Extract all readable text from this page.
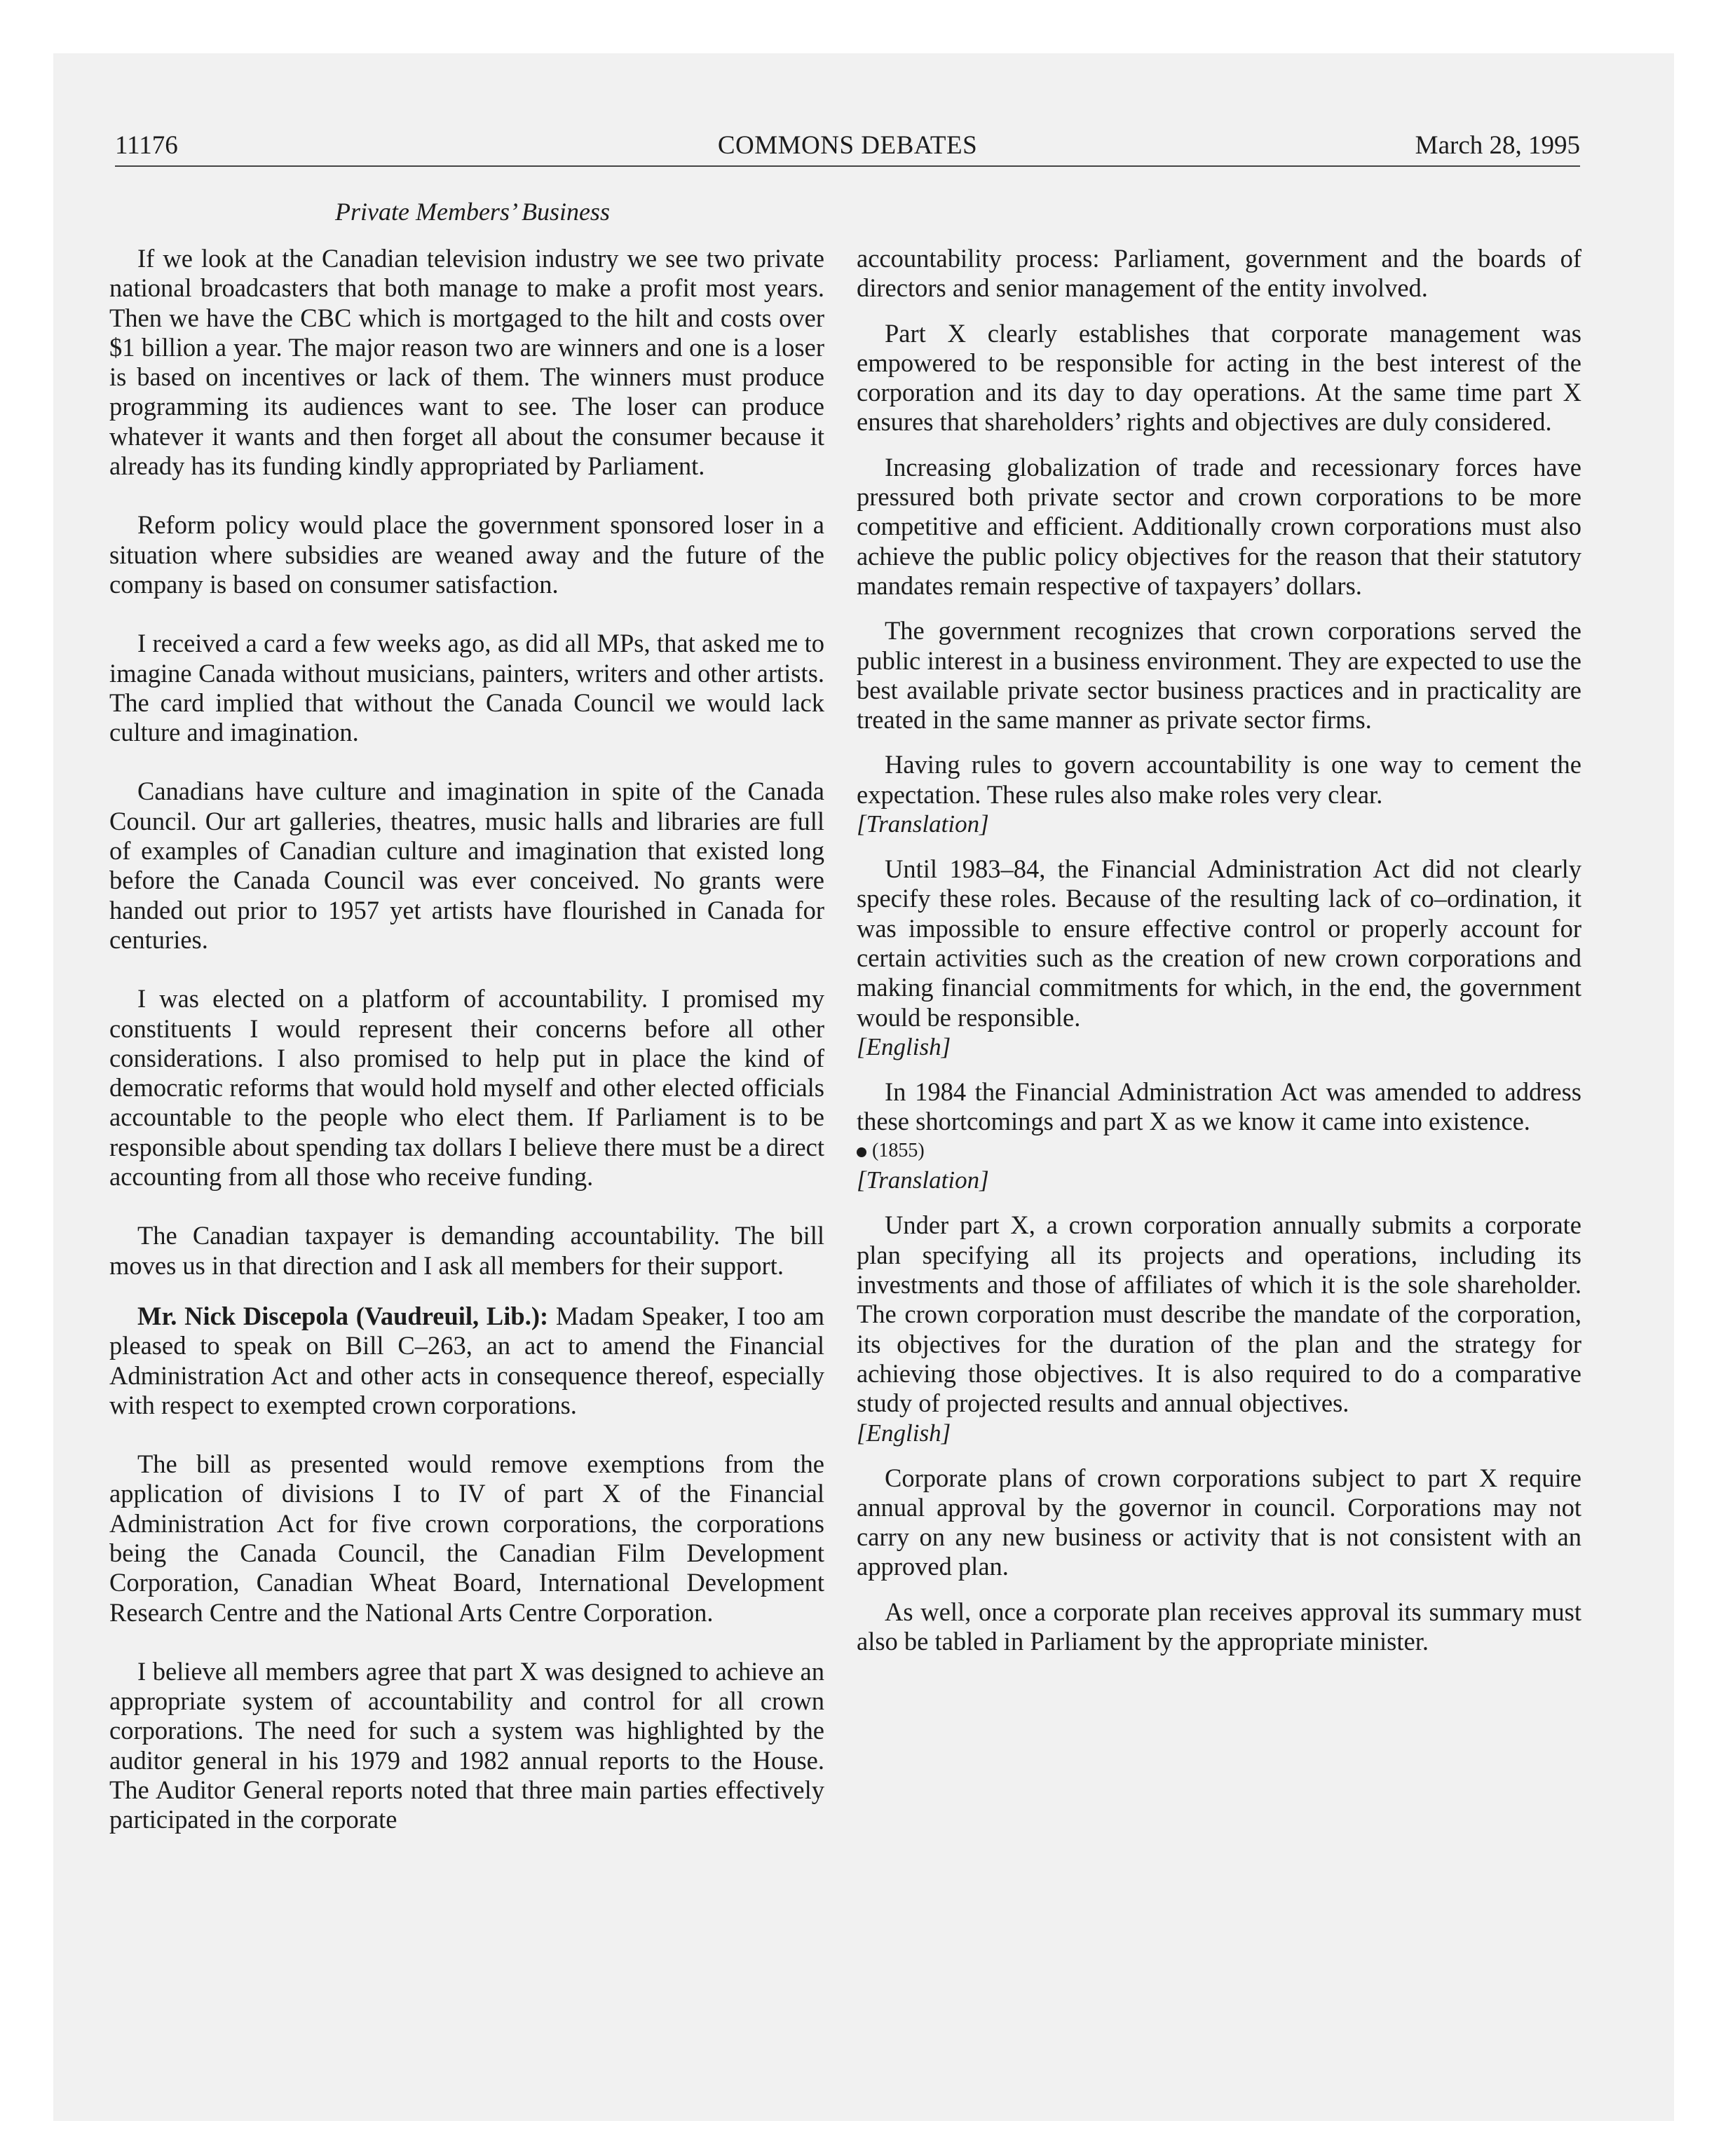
11176	COMMONS DEBATES	March 28, 1995
Private Members’ Business

If we look at the Canadian television industry we see two private national broadcasters that both manage to make a profit most years. Then we have the CBC which is mortgaged to the hilt and costs over $1 billion a year. The major reason two are winners and one is a loser is based on incentives or lack of them. The winners must produce programming its audiences want to see. The loser can produce whatever it wants and then forget all about the consumer because it already has its funding kindly appropriated by Parliament.

Reform policy would place the government sponsored loser in a situation where subsidies are weaned away and the future of the company is based on consumer satisfaction.

I received a card a few weeks ago, as did all MPs, that asked me to imagine Canada without musicians, painters, writers and other artists. The card implied that without the Canada Council we would lack culture and imagination.

Canadians have culture and imagination in spite of the Canada Council. Our art galleries, theatres, music halls and libraries are full of examples of Canadian culture and imagination that existed long before the Canada Council was ever conceived. No grants were handed out prior to 1957 yet artists have flourished in Canada for centuries.

I was elected on a platform of accountability. I promised my constituents I would represent their concerns before all other considerations. I also promised to help put in place the kind of democratic reforms that would hold myself and other elected officials accountable to the people who elect them. If Parliament is to be responsible about spending tax dollars I believe there must be a direct accounting from all those who receive funding.

The Canadian taxpayer is demanding accountability. The bill moves us in that direction and I ask all members for their support.

Mr. Nick Discepola (Vaudreuil, Lib.): Madam Speaker, I too am pleased to speak on Bill C–263, an act to amend the Financial Administration Act and other acts in consequence thereof, especially with respect to exempted crown corporations.

The bill as presented would remove exemptions from the application of divisions I to IV of part X of the Financial Administration Act for five crown corporations, the corporations being the Canada Council, the Canadian Film Development Corporation, Canadian Wheat Board, International Development Research Centre and the National Arts Centre Corporation.

I believe all members agree that part X was designed to achieve an appropriate system of accountability and control for all crown corporations. The need for such a system was highlighted by the auditor general in his 1979 and 1982 annual reports to the House. The Auditor General reports noted that three main parties effectively participated in the corporate

accountability process: Parliament, government and the boards of directors and senior management of the entity involved.

Part X clearly establishes that corporate management was empowered to be responsible for acting in the best interest of the corporation and its day to day operations. At the same time part X ensures that shareholders’ rights and objectives are duly considered.

Increasing globalization of trade and recessionary forces have pressured both private sector and crown corporations to be more competitive and efficient. Additionally crown corporations must also achieve the public policy objectives for the reason that their statutory mandates remain respective of taxpayers’ dollars.

The government recognizes that crown corporations served the public interest in a business environment. They are expected to use the best available private sector business practices and in practicality are treated in the same manner as private sector firms.

Having rules to govern accountability is one way to cement the expectation. These rules also make roles very clear.

[Translation]

Until 1983–84, the Financial Administration Act did not clearly specify these roles. Because of the resulting lack of co–ordination, it was impossible to ensure effective control or properly account for certain activities such as the creation of new crown corporations and making financial commitments for which, in the end, the government would be responsible.

[English]

In 1984 the Financial Administration Act was amended to address these shortcomings and part X as we know it came into existence.

(1855)

[Translation]

Under part X, a crown corporation annually submits a corporate plan specifying all its projects and operations, including its investments and those of affiliates of which it is the sole shareholder. The crown corporation must describe the mandate of the corporation, its objectives for the duration of the plan and the strategy for achieving those objectives. It is also required to do a comparative study of projected results and annual objectives.

[English]

Corporate plans of crown corporations subject to part X require annual approval by the governor in council. Corporations may not carry on any new business or activity that is not consistent with an approved plan.

As well, once a corporate plan receives approval its summary must also be tabled in Parliament by the appropriate minister.
